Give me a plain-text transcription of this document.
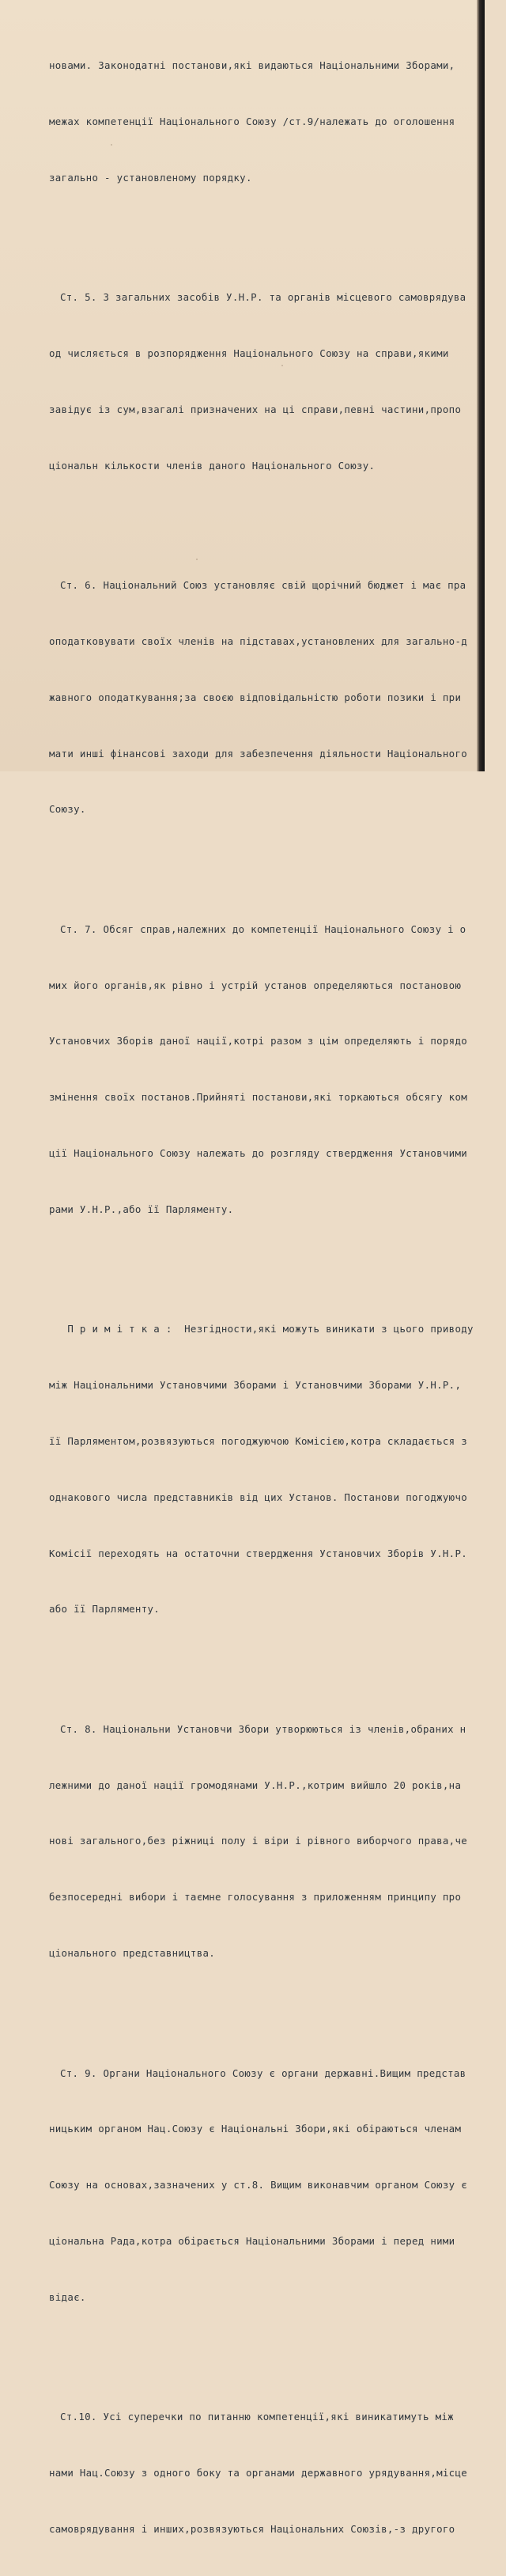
новами. Законодатні постанови,які видаються Національними Зборами,

межах компетенції Національного Союзу /ст.9/належать до оголошення

загально - установленому порядку.

Ст. 5. З загальних засобів У.Н.Р. та органів місцевого самоврядува

од числяється в розпорядження Національного Союзу на справи,якими

завідує із сум,взагалі призначених на ці справи,певні частини,пропо

ціональн кількости членів даного Національного Союзу.

Ст. 6. Національний Союз установляє свій щорічний бюджет і має пра

оподатковувати своїх членів на підставах,установлених для загально-д

жавного оподаткування;за своєю відповідальністю роботи позики і при

мати инші фінансові заходи для забезпечення діяльности Національного

Союзу.

Ст. 7. Обсяг справ,належних до компетенції Національного Союзу і о

мих його органів,як рівно і устрій установ определяються постановою

Установчих Зборів даної нації,котрі разом з цім определяють і порядо

змінення своїх постанов.Прийняті постанови,які торкаються обсягу ком

ції Національного Союзу належать до розгляду ствердження Установчими

рами У.Н.Р.,або її Парляменту.

П р и м і т к а :  Незгідности,які можуть виникати з цього приводу

між Національними Установчими Зборами і Установчими Зборами У.Н.Р.,

її Парляментом,розвязуються погоджуючою Комісією,котра складається з

однакового числа представників від цих Установ. Постанови погоджуючо

Комісії переходять на остаточни ствердження Установчих Зборів У.Н.Р.

або її Парляменту.

Ст. 8. Національни Установчи Збори утворюються із членів,обраних н

лежними до даної нації громодянами У.Н.Р.,котрим вийшло 20 років,на

нові загального,без ріжниці полу і віри і рівного виборчого права,че

безпосередні вибори і таємне голосування з приложенням принципу про

ціонального представництва.

Ст. 9. Органи Національного Союзу є органи державні.Вищим представ

ницьким органом Нац.Союзу є Національні Збори,які обіраються членам

Союзу на основах,зазначених у ст.8. Вищим виконавчим органом Союзу є

ціональна Рада,котра обірається Національними Зборами і перед ними

відає.

Ст.10. Усі суперечки по питанню компетенції,які виникатимуть між

нами Нац.Союзу з одного боку та органами державного урядування,місце

самоврядування і инших,розвязуються Національних Союзів,-з другого
